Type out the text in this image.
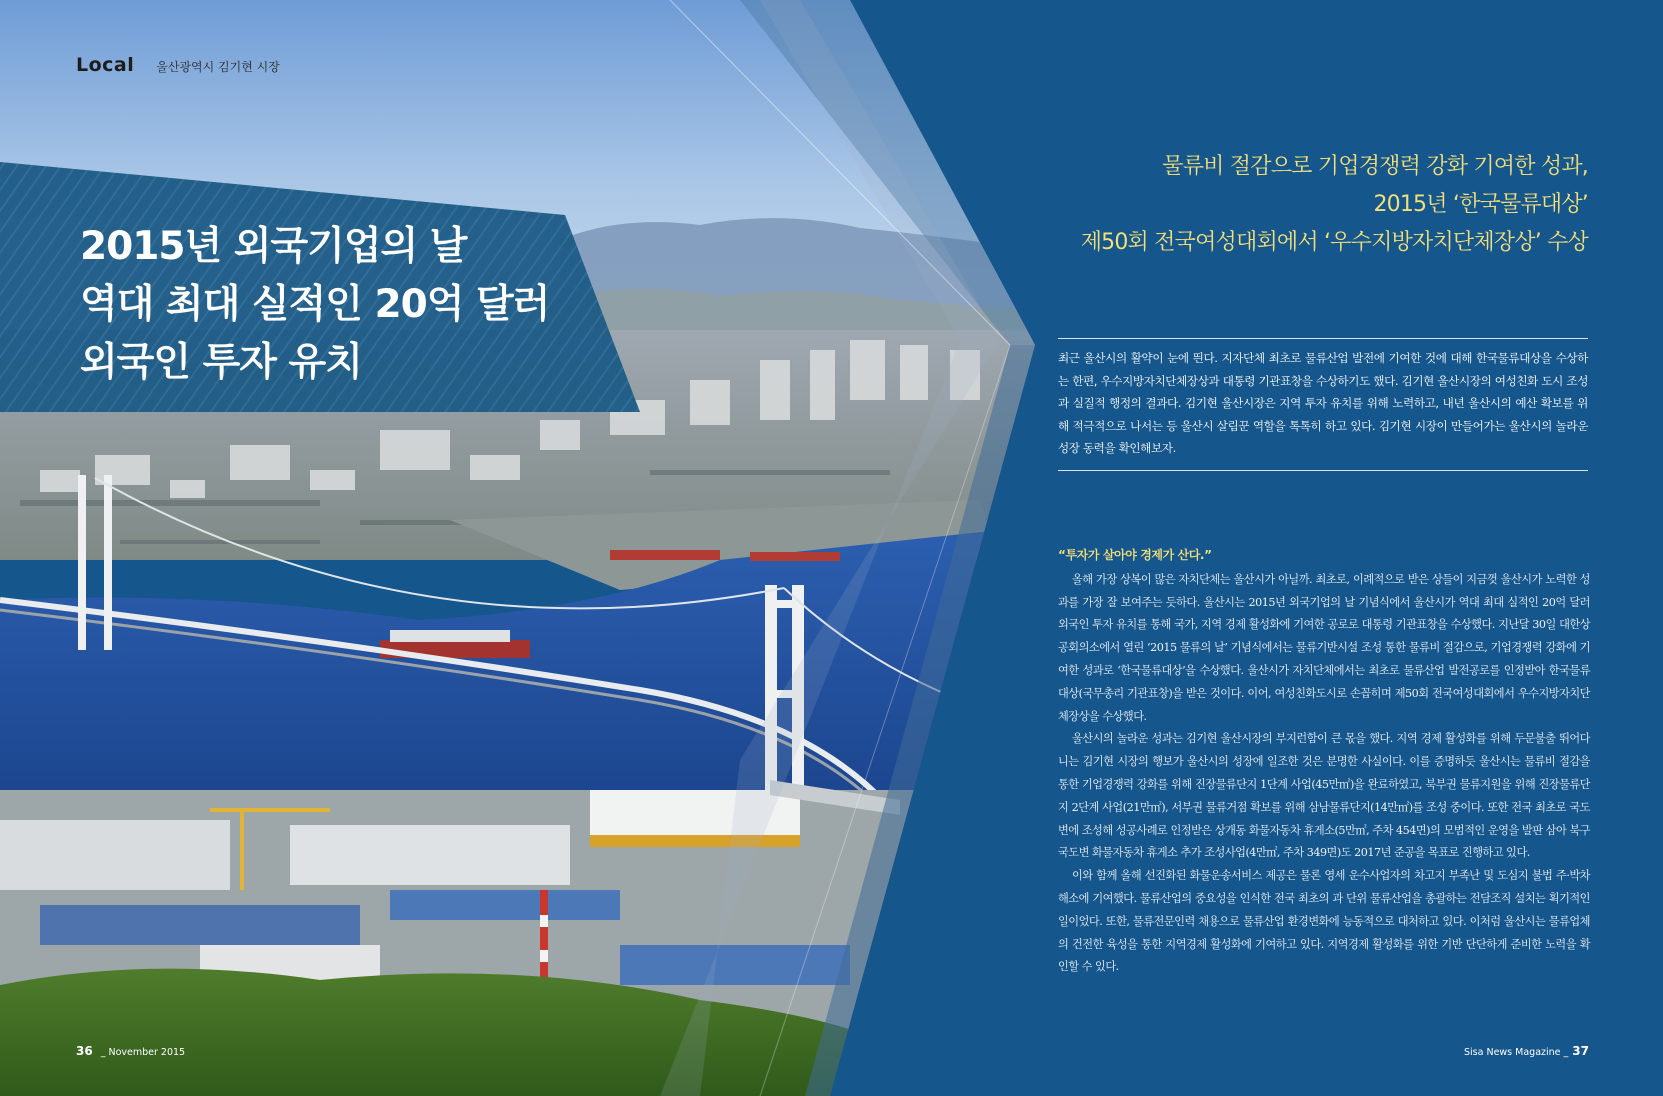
Local 울산광역시 김기현 시장
2015년 외국기업의 날
역대 최대 실적인 20억 달러
외국인 투자 유치
물류비 절감으로 기업경쟁력 강화 기여한 성과,
2015년 ‘한국물류대상’
제50회 전국여성대회에서 ‘우수지방자치단체장상’ 수상
최근 울산시의 활약이 눈에 띈다. 지자단체 최초로 물류산업 발전에 기여한 것에 대해 한국물류대상을 수상하는 한편, 우수지방자치단체장상과 대통령 기관표창을 수상하기도 했다. 김기현 울산시장의 여성친화 도시 조성과 실질적 행정의 결과다. 김기현 울산시장은 지역 투자 유치를 위해 노력하고, 내년 울산시의 예산 확보를 위해 적극적으로 나서는 등 울산시 살림꾼 역할을 톡톡히 하고 있다. 김기현 시장이 만들어가는 울산시의 놀라운 성장 동력을 확인해보자.
“투자가 살아야 경제가 산다.”

올해 가장 상복이 많은 자치단체는 울산시가 아닐까. 최초로, 이례적으로 받은 상들이 지금껏 울산시가 노력한 성과를 가장 잘 보여주는 듯하다. 울산시는 2015년 외국기업의 날 기념식에서 울산시가 역대 최대 실적인 20억 달러 외국인 투자 유치를 통해 국가, 지역 경제 활성화에 기여한 공로로 대통령 기관표창을 수상했다. 지난달 30일 대한상공회의소에서 열린 ‘2015 물류의 날’ 기념식에서는 물류기반시설 조성 통한 물류비 절감으로, 기업경쟁력 강화에 기여한 성과로 ‘한국물류대상’을 수상했다. 울산시가 자치단체에서는 최초로 물류산업 발전공로를 인정받아 한국물류대상(국무총리 기관표창)을 받은 것이다. 이어, 여성친화도시로 손꼽히며 제50회 전국여성대회에서 우수지방자치단체장상을 수상했다.

울산시의 놀라운 성과는 김기현 울산시장의 부지런함이 큰 몫을 했다. 지역 경제 활성화를 위해 두문불출 뛰어다니는 김기현 시장의 행보가 울산시의 성장에 일조한 것은 분명한 사실이다. 이를 증명하듯 울산시는 물류비 절감을 통한 기업경쟁력 강화를 위해 진장물류단지 1단계 사업(45만㎡)을 완료하였고, 북부권 물류지원을 위해 진장물류단지 2단계 사업(21만㎡), 서부권 물류거점 확보를 위해 삼남물류단지(14만㎡)를 조성 중이다. 또한 전국 최초로 국도변에 조성해 성공사례로 인정받은 상개동 화물자동차 휴게소(5만㎡, 주차 454면)의 모범적인 운영을 발판 삼아 북구 국도변 화물자동차 휴게소 추가 조성사업(4만㎡, 주차 349면)도 2017년 준공을 목표로 진행하고 있다.

이와 함께 올해 선진화된 화물운송서비스 제공은 물론 영세 운수사업자의 차고지 부족난 및 도심지 불법 주·박차 해소에 기여했다. 물류산업의 중요성을 인식한 전국 최초의 과 단위 물류산업을 총괄하는 전담조직 설치는 획기적인 일이었다. 또한, 물류전문인력 채용으로 물류산업 환경변화에 능동적으로 대처하고 있다. 이처럼 울산시는 물류업체의 건전한 육성을 통한 지역경제 활성화에 기여하고 있다. 지역경제 활성화를 위한 기반 단단하게 준비한 노력을 확인할 수 있다.

36 _ November 2015	Sisa News Magazine _ 37
